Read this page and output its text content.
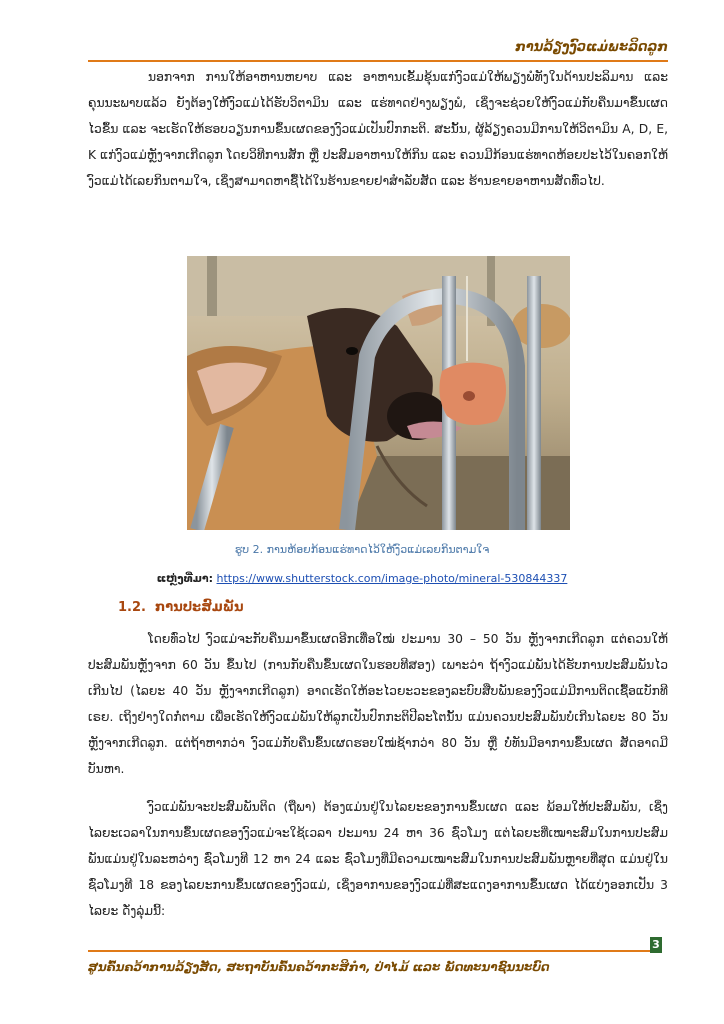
ການລ້ຽງງົວແມ່ພະລິດລູກ

ນອກຈາກ ການໃຫ້ອາຫານຫຍາບ ແລະ ອາຫານເຂັ້ມຂຸ້ນແກ່ງົວແມ່ໃຫ້ພຽງພໍທັງໃນດ້ານປະລິມານ ແລະ ຄຸນນະພາບແລ້ວ ຍັງຕ້ອງໃຫ້ງົວແມ່ໄດ້ຮັບວິຕາມິນ ແລະ ແຮ່ທາດຢ່າງພຽງພໍ, ເຊິ່ງຈະຊ່ວຍໃຫ້ງົວແມ່ກັບຄືນມາຂຶ້ນເຜດໄວຂຶ້ນ ແລະ ຈະເຮັດໃຫ້ຮອບວຽນການຂຶ້ນເຜດຂອງງົວແມ່ເປັນປົກກະຕິ. ສະນັ້ນ, ຜູ້ລ້ຽງຄວນມີການໃຫ້ວິຕາມິນ A, D, E, K ແກ່ງົວແມ່ຫຼັງຈາກເກີດລູກ ໂດຍວິທີການສັກ ຫຼື ປະສົມອາຫານໃຫ້ກິນ ແລະ ຄວນມີກ້ອນແຮ່ທາດຫ້ອຍປະໄວ້ໃນຄອກໃຫ້ງົວແມ່ໄດ້ເລຍກິນຕາມໃຈ, ເຊິ່ງສາມາດຫາຊື້ໄດ້ໃນຮ້ານຂາຍຢາສຳລັບສັດ ແລະ ຮ້ານຂາຍອາຫານສັດທົ່ວໄປ.

ຮູບ 2. ການຫ້ອຍກ້ອນແຮ່ທາດໄວ້ໃຫ້ງົວແມ່ເລຍກິນຕາມໃຈ
ແຫຼ່ງທີ່ມາ: https://www.shutterstock.com/image-photo/mineral-530844337
1.2. ການປະສົມພັນ

ໂດຍທົ່ວໄປ ງົວແມ່ຈະກັບຄືນມາຂຶ້ນເຜດອີກເທື່ອໃໝ່ ປະມານ 30 – 50 ວັນ ຫຼັງຈາກເກີດລູກ ແຕ່ຄວນໃຫ້ປະສົມພັນຫຼັງຈາກ 60 ວັນ ຂຶ້ນໄປ (ການກັບຄືນຂຶ້ນເຜດໃນຮອບທີສອງ) ເພາະວ່າ ຖ້າງົວແມ່ພັນໄດ້ຮັບການປະສົມພັນໄວເກີນໄປ (ໄລຍະ 40 ວັນ ຫຼັງຈາກເກີດລູກ) ອາດເຮັດໃຫ້ອະໄວຍະວະຂອງລະບົບສືບພັນຂອງງົວແມ່ມີການຕິດເຊື້ອແບັກທີເຣຍ. ເຖິງຢ່າງໃດກໍ່ຕາມ ເພື່ອເຮັດໃຫ້ງົວແມ່ພັນໃຫ້ລູກເປັນປົກກະຕິປີລະໂຕນັ້ນ ແມ່ນຄວນປະສົມພັນບໍ່ເກີນໄລຍະ 80 ວັນ ຫຼັງຈາກເກີດລູກ. ແຕ່ຖ້າຫາກວ່າ ງົວແມ່ກັບຄືນຂຶ້ນເຜດຮອບໃໝ່ຊ້າກວ່າ 80 ວັນ ຫຼື ບໍ່ທັນມີອາການຂຶ້ນເຜດ ສັດອາດມີບັນຫາ.

ງົວແມ່ພັນຈະປະສົມພັນຕິດ (ຖືພາ) ຕ້ອງແມ່ນຢູ່ໃນໄລຍະຂອງການຂຶ້ນເຜດ ແລະ ພ້ອມໃຫ້ປະສົມພັນ, ເຊິ່ງໄລຍະເວລາໃນການຂຶ້ນເຜດຂອງງົວແມ່ຈະໃຊ້ເວລາ ປະມານ 24 ຫາ 36 ຊົ່ວໂມງ ແຕ່ໄລຍະທີ່ເໝາະສົມໃນການປະສົມພັນແມ່ນຢູ່ໃນລະຫວ່າງ ຊົ່ວໂມງທີ 12 ຫາ 24 ແລະ ຊົ່ວໂມງທີ່ມີຄວາມເໝາະສົມໃນການປະສົມພັນຫຼາຍທີ່ສຸດ ແມ່ນຢູ່ໃນຊົ່ວໂມງທີ 18 ຂອງໄລຍະການຂຶ້ນເຜດຂອງງົວແມ່, ເຊິ່ງອາການຂອງງົວແມ່ທີ່ສະແດງອາການຂຶ້ນເຜດ ໄດ້ແບ່ງອອກເປັນ 3 ໄລຍະ ດັ່ງລຸ່ມນີ້:

3
ສູນຄົ້ນຄວ້າການລ້ຽງສັດ, ສະຖາບັນຄົ້ນຄວ້າກະສິກຳ, ປ່າໄມ້ ແລະ ພັດທະນາຊົນນະບົດ
